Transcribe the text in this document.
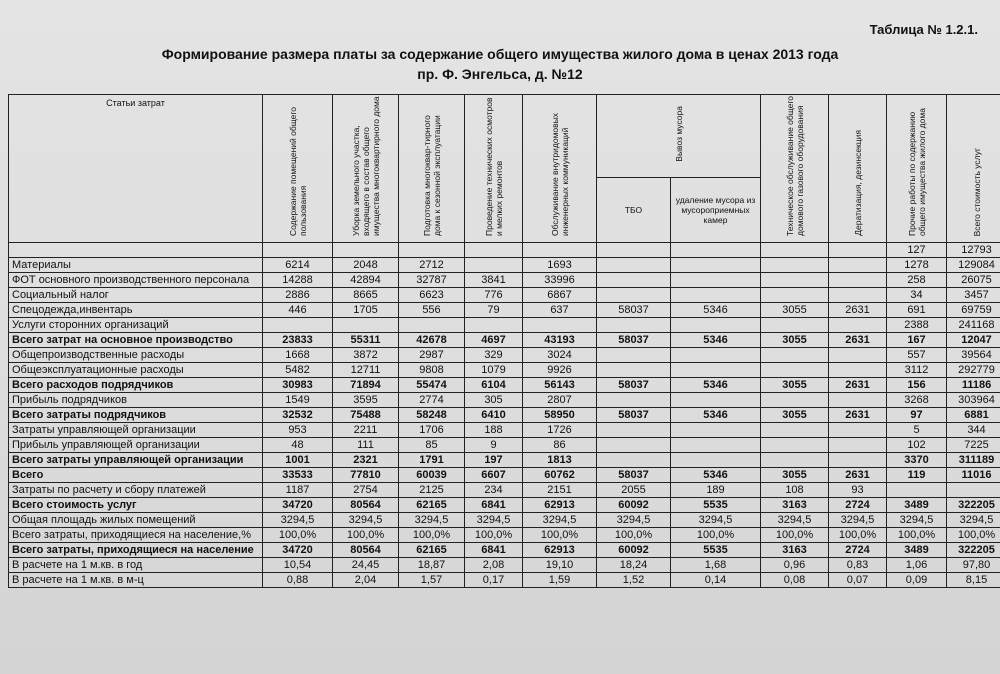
Таблица № 1.2.1.
Формирование размера платы за содержание общего имущества жилого дома в ценах 2013 года
пр. Ф. Энгельса, д. №12
Статьи затрат	Содержание помещений общего пользования	Уборка земельного участка, входящего в состав общего имущества многоквартирного дома	Подготовка многоквар-тирного дома к сезонной эксплуатации	Проведение технических осмотров и мелких ремонтов	Обслуживание внутридомовых инженерных коммуникаций	Вывоз мусора		Техническое обслуживание общего домового газового оборудования	Дератизация, дезинсекция	Прочие работы по содержанию общего имущества жилого дома	Всего стоимость услуг
						ТБО	удаление мусора из мусороприемных камер				
										127	12793
Материалы	6214	2048	2712		1693					1278	129084
ФОТ основного производственного персонала	14288	42894	32787	3841	33996					258	26075
Социальный налог	2886	8665	6623	776	6867					34	3457
Спецодежда,инвентарь	446	1705	556	79	637	58037	5346	3055	2631	691	69759
Услуги сторонних организаций										2388	241168
Всего затрат на основное производство	23833	55311	42678	4697	43193	58037	5346	3055	2631	167	12047
Общепроизводственные расходы	1668	3872	2987	329	3024					557	39564
Общеэксплуатационные расходы	5482	12711	9808	1079	9926					3112	292779
Всего расходов подрядчиков	30983	71894	55474	6104	56143	58037	5346	3055	2631	156	11186
Прибыль подрядчиков	1549	3595	2774	305	2807					3268	303964
Всего затраты подрядчиков	32532	75488	58248	6410	58950	58037	5346	3055	2631	97	6881
Затраты управляющей организации	953	2211	1706	188	1726					5	344
Прибыль управляющей организации	48	111	85	9	86					102	7225
Всего затраты управляющей организации	1001	2321	1791	197	1813					3370	311189
Всего	33533	77810	60039	6607	60762	58037	5346	3055	2631	119	11016
Затраты по расчету и сбору платежей	1187	2754	2125	234	2151	2055	189	108	93		
Всего стоимость услуг	34720	80564	62165	6841	62913	60092	5535	3163	2724	3489	322205
Общая площадь жилых помещений	3294,5	3294,5	3294,5	3294,5	3294,5	3294,5	3294,5	3294,5	3294,5	3294,5	3294,5
Всего затраты, приходящиеся на население,%	100,0%	100,0%	100,0%	100,0%	100,0%	100,0%	100,0%	100,0%	100,0%	100,0%	100,0%
Всего затраты, приходящиеся на население	34720	80564	62165	6841	62913	60092	5535	3163	2724	3489	322205
В расчете на 1 м.кв. в год	10,54	24,45	18,87	2,08	19,10	18,24	1,68	0,96	0,83	1,06	97,80
В расчете на 1 м.кв. в м-ц	0,88	2,04	1,57	0,17	1,59	1,52	0,14	0,08	0,07	0,09	8,15
